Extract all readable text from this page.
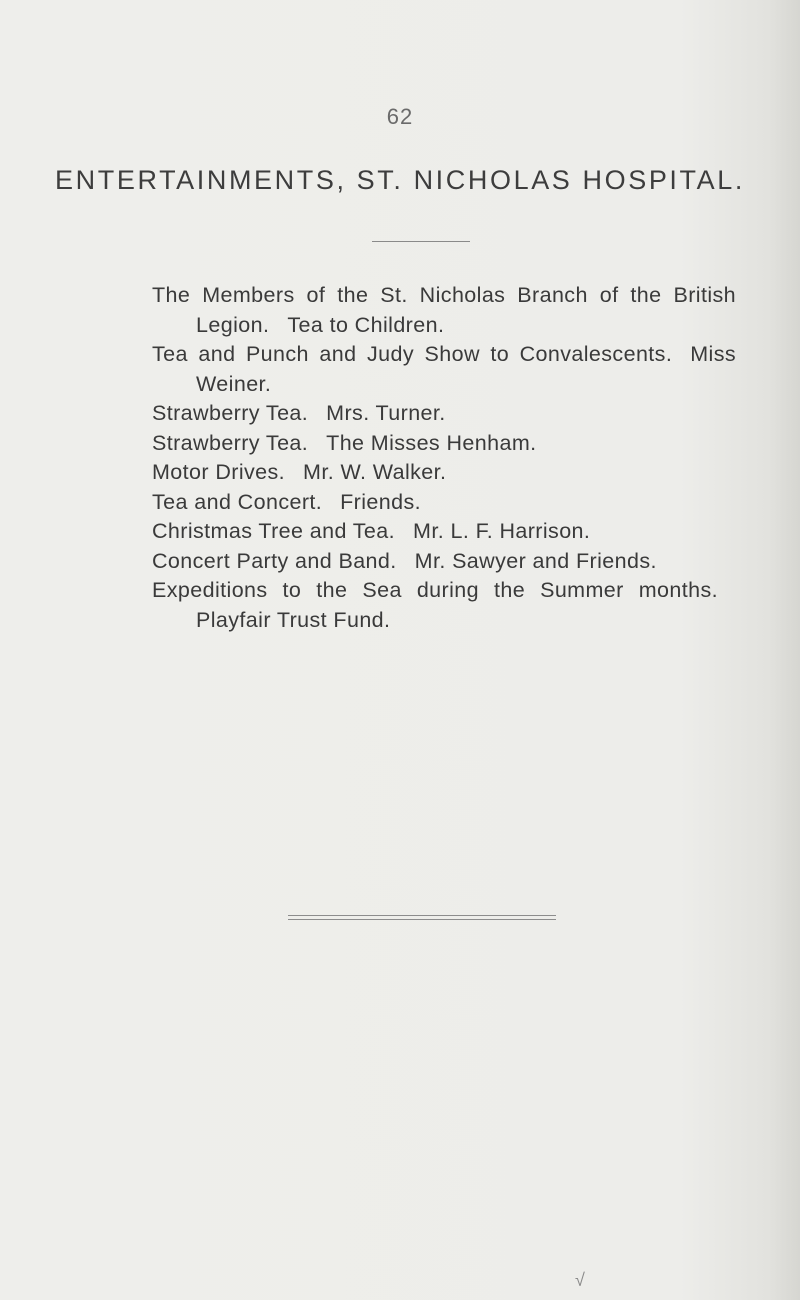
62
ENTERTAINMENTS, ST. NICHOLAS HOSPITAL.
The Members of the St. Nicholas Branch of the British Legion. Tea to Children.
Tea and Punch and Judy Show to Convalescents. Miss Weiner.
Strawberry Tea. Mrs. Turner.
Strawberry Tea. The Misses Henham.
Motor Drives. Mr. W. Walker.
Tea and Concert. Friends.
Christmas Tree and Tea. Mr. L. F. Harrison.
Concert Party and Band. Mr. Sawyer and Friends.
Expeditions to the Sea during the Summer months.Playfair Trust Fund.
√
